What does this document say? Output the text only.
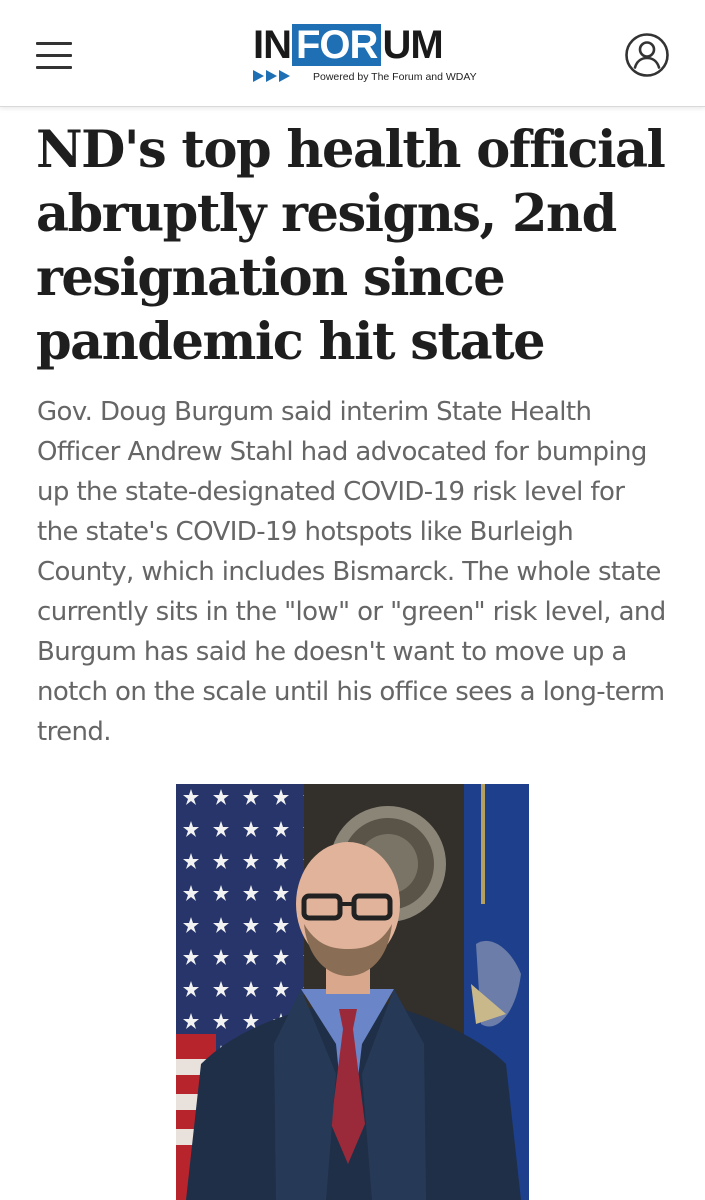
IN FOR UM
Powered by The Forum and WDAY
ND's top health official abruptly resigns, 2nd resignation since pandemic hit state

Gov. Doug Burgum said interim State Health Officer Andrew Stahl had advocated for bumping up the state-designated COVID-19 risk level for the state's COVID-19 hotspots like Burleigh County, which includes Bismarck. The whole state currently sits in the "low" or "green" risk level, and Burgum has said he doesn't want to move up a notch on the scale until his office sees a long-term trend.
